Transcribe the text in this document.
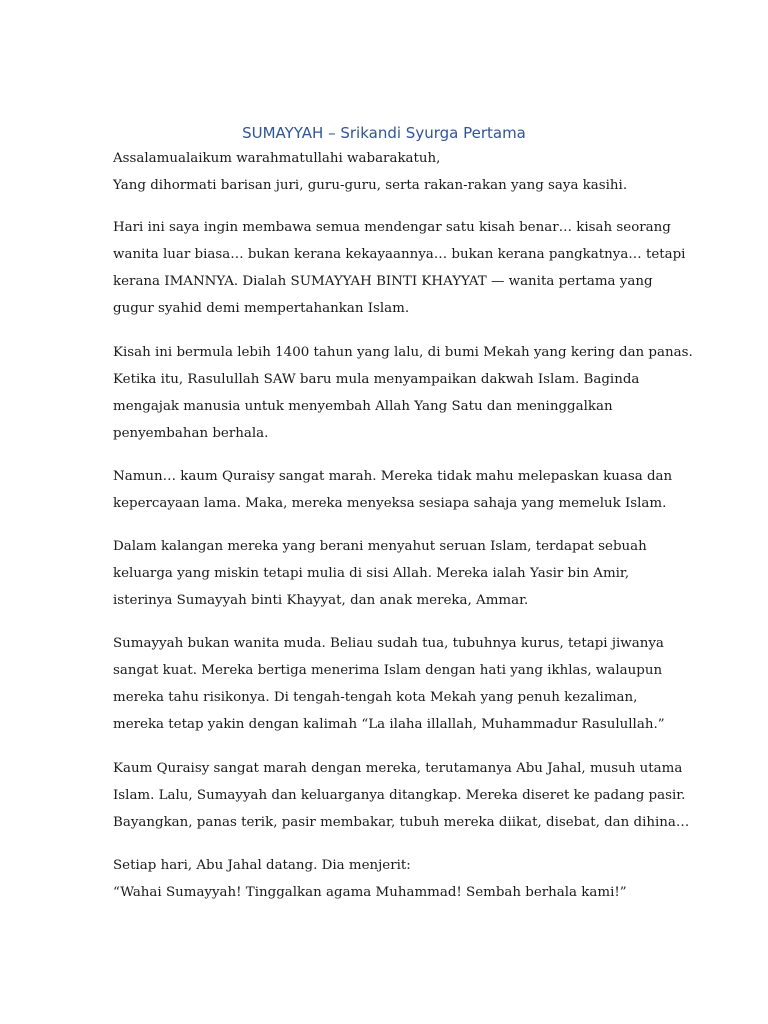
SUMAYYAH – Srikandi Syurga Pertama

Assalamualaikum warahmatullahi wabarakatuh,

Yang dihormati barisan juri, guru-guru, serta rakan-rakan yang saya kasihi.

Hari ini saya ingin membawa semua mendengar satu kisah benar… kisah seorang

wanita luar biasa… bukan kerana kekayaannya… bukan kerana pangkatnya… tetapi

kerana IMANNYA. Dialah SUMAYYAH BINTI KHAYYAT — wanita pertama yang

gugur syahid demi mempertahankan Islam.

Kisah ini bermula lebih 1400 tahun yang lalu, di bumi Mekah yang kering dan panas.

Ketika itu, Rasulullah SAW baru mula menyampaikan dakwah Islam. Baginda

mengajak manusia untuk menyembah Allah Yang Satu dan meninggalkan

penyembahan berhala.

Namun… kaum Quraisy sangat marah. Mereka tidak mahu melepaskan kuasa dan

kepercayaan lama. Maka, mereka menyeksa sesiapa sahaja yang memeluk Islam.

Dalam kalangan mereka yang berani menyahut seruan Islam, terdapat sebuah

keluarga yang miskin tetapi mulia di sisi Allah. Mereka ialah Yasir bin Amir,

isterinya Sumayyah binti Khayyat, dan anak mereka, Ammar.

Sumayyah bukan wanita muda. Beliau sudah tua, tubuhnya kurus, tetapi jiwanya

sangat kuat. Mereka bertiga menerima Islam dengan hati yang ikhlas, walaupun

mereka tahu risikonya. Di tengah-tengah kota Mekah yang penuh kezaliman,

mereka tetap yakin dengan kalimah “La ilaha illallah, Muhammadur Rasulullah.”

Kaum Quraisy sangat marah dengan mereka, terutamanya Abu Jahal, musuh utama

Islam. Lalu, Sumayyah dan keluarganya ditangkap. Mereka diseret ke padang pasir.

Bayangkan, panas terik, pasir membakar, tubuh mereka diikat, disebat, dan dihina…

Setiap hari, Abu Jahal datang. Dia menjerit:

“Wahai Sumayyah! Tinggalkan agama Muhammad! Sembah berhala kami!”
